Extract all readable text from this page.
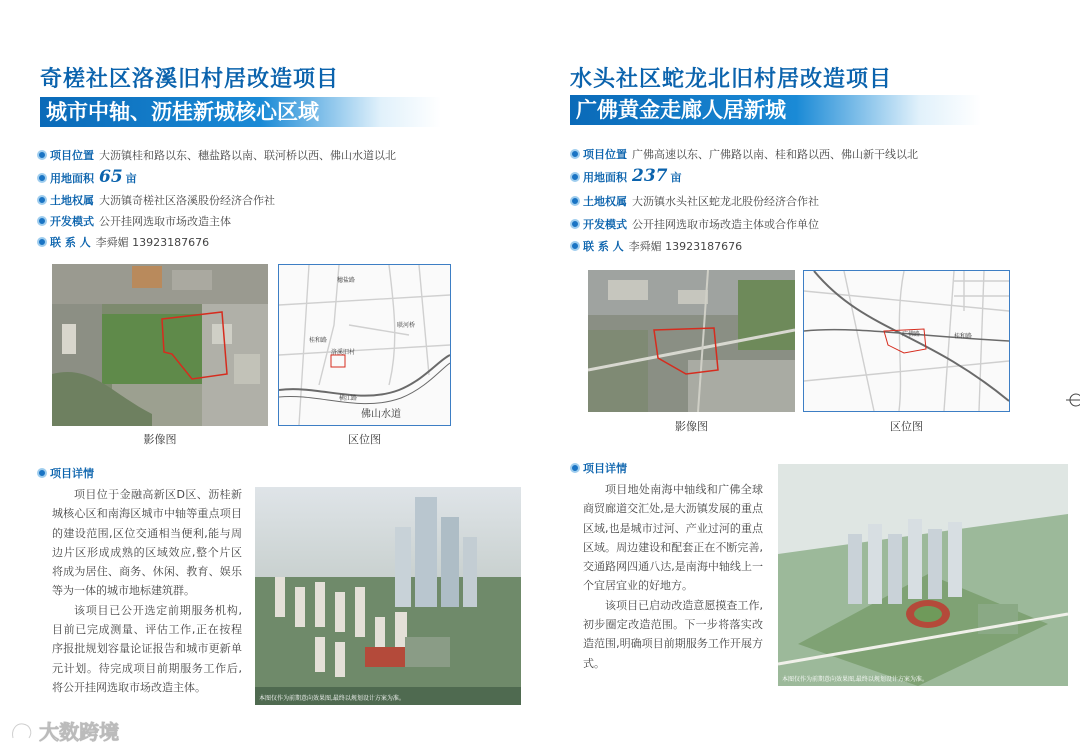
奇槎社区洛溪旧村居改造项目
城市中轴、沥桂新城核心区域
项目位置 大沥镇桂和路以东、穗盐路以南、联河桥以西、佛山水道以北
用地面积 65 亩
土地权属 大沥镇奇槎社区洛溪股份经济合作社
开发模式 公开挂网选取市场改造主体
联 系 人 李舜媚 13923187676
穗盐路
联河桥
桂和路
洛溪旧村
横江路
佛山水道
影像图	区位图
项目详情

项目位于金融高新区D区、沥桂新城核心区和南海区城市中轴等重点项目的建设范围,区位交通相当便利,能与周边片区形成成熟的区域效应,整个片区将成为居住、商务、休闲、教育、娱乐等为一体的城市地标建筑群。

该项目已公开选定前期服务机构,目前已完成测量、评估工作,正在按程序报批规划容量论证报告和城市更新单元计划。待完成项目前期服务工作后,将公开挂网选取市场改造主体。

本图仅作为前期意向效果图,最终以规划设计方案为准。
水头社区蛇龙北旧村居改造项目
广佛黄金走廊人居新城
项目位置 广佛高速以东、广佛路以南、桂和路以西、佛山新干线以北
用地面积 237 亩
土地权属 大沥镇水头社区蛇龙北股份经济合作社
开发模式 公开挂网选取市场改造主体或合作单位
联 系 人 李舜媚 13923187676
广佛路	桂和路
影像图	区位图
项目详情

项目地处南海中轴线和广佛全球商贸廊道交汇处,是大沥镇发展的重点区域,也是城市过河、产业过河的重点区域。周边建设和配套正在不断完善,交通路网四通八达,是南海中轴线上一个宜居宜业的好地方。

该项目已启动改造意愿摸查工作,初步圈定改造范围。下一步将落实改造范围,明确项目前期服务工作开展方式。

本图仅作为前期意向效果图,最终以规划设计方案为准。
大数跨境
